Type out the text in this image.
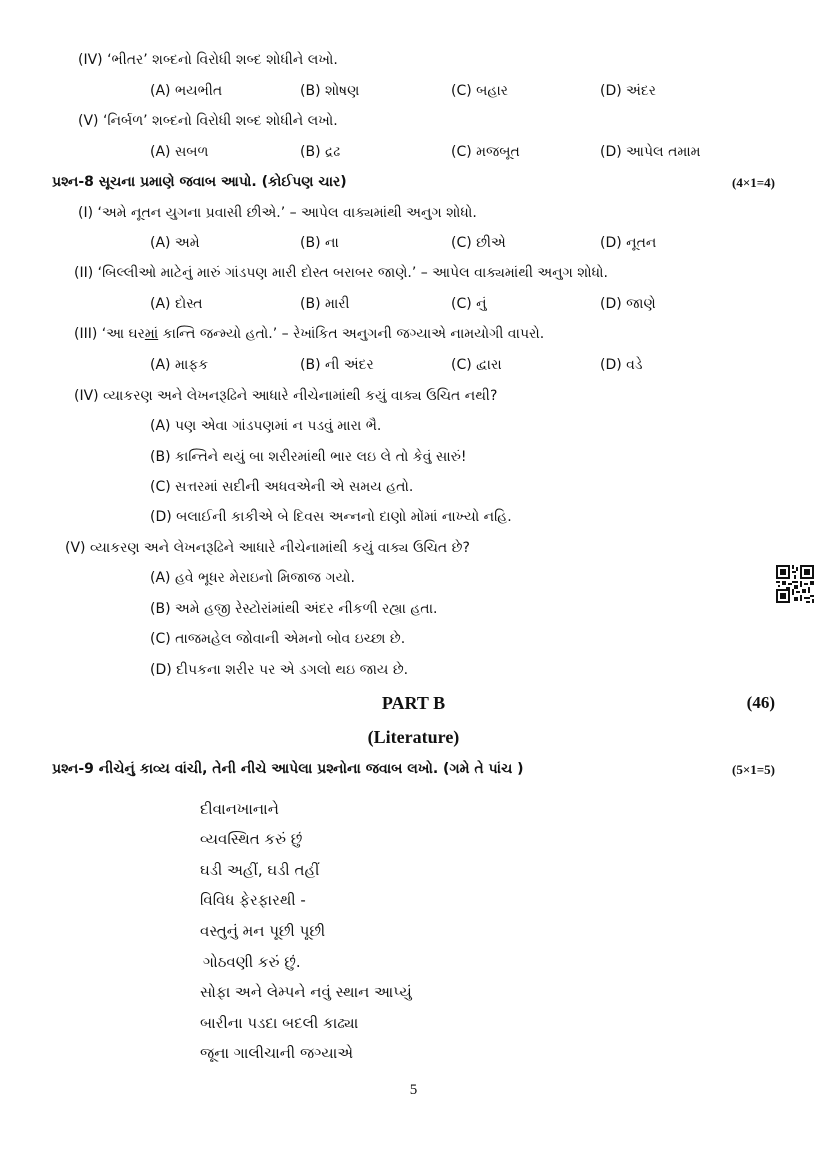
(IV) ‘ભીતર’ શબ્દનો વિરોધી શબ્દ શોધીને લખો.
(A) ભયભીત	(B) શોષણ	(C) બહાર	(D) અંદર
(V) ‘નિર્બળ’ શબ્દનો વિરોધી શબ્દ શોધીને લખો.
(A) સબળ	(B) દ્રઢ	(C) મજબૂત	(D) આપેલ તમામ
પ્રશ્ન-8 સૂચના પ્રમાણે જવાબ આપો. (કોઈપણ ચાર)	(4×1=4)
(I) ‘અમે નૂતન યુગના પ્રવાસી છીએ.’ – આપેલ વાક્યમાંથી અનુગ શોધો.
(A) અમે	(B) ના	(C) છીએ	(D) નૂતન
(II) ‘બિલ્લીઓ માટેનું મારું ગાંડપણ મારી દોસ્ત બરાબર જાણે.’ – આપેલ વાક્યમાંથી અનુગ શોધો.
(A) દોસ્ત	(B) મારી	(C) નું	(D) જાણે
(III) ‘આ ઘરમાં કાન્તિ જન્મ્યો હતો.’ – રેખાંકિત અનુગની જગ્યાએ નામયોગી વાપરો.
(A) માફક	(B) ની અંદર	(C) દ્વારા	(D) વડે
(IV) વ્યાકરણ અને લેખનરૂઢિને આધારે નીચેનામાંથી કયું વાક્ય ઉચિત નથી?
(A) પણ એવા ગાંડપણમાં ન પડવું મારા ભૈ.
(B) કાન્તિને થયું બા શરીરમાંથી ભાર લઇ લે તો કેવું સારું!
(C) સત્તરમાં સદીની અધવએની એ સમય હતો.
(D) બલાઈની કાકીએ બે દિવસ અન્નનો દાણો મોંમાં નાખ્યો નહિ.
(V) વ્યાકરણ અને લેખનરૂઢિને આધારે નીચેનામાંથી કયું વાક્ય ઉચિત છે?
(A) હવે ભૂધર મેરાઇનો મિજાજ ગયો.
(B) અમે હજી રેસ્ટોરાંમાંથી અંદર નીકળી રહ્યા હતા.
(C) તાજમહેલ જોવાની એમનો બોવ ઇચ્છા છે.
(D) દીપકના શરીર પર એ ડગલો થઇ જાય છે.
PART B	(46)
(Literature)
પ્રશ્ન-9 નીચેનું કાવ્ય વાંચી, તેની નીચે આપેલા પ્રશ્નોના જવાબ લખો. (ગમે તે પાંચ )	(5×1=5)
દીવાનખાનાને
વ્યવસ્થિત કરું છું
ઘડી અહીં, ઘડી તહીં
વિવિધ ફેરફારથી -
વસ્તુનું મન પૂછી પૂછી
ગોઠવણી કરું છું.
સોફા અને લેમ્પને નવું સ્થાન આપ્યું
બારીના પડદા બદલી કાઢ્યા
જૂના ગાલીચાની જગ્યાએ
5
